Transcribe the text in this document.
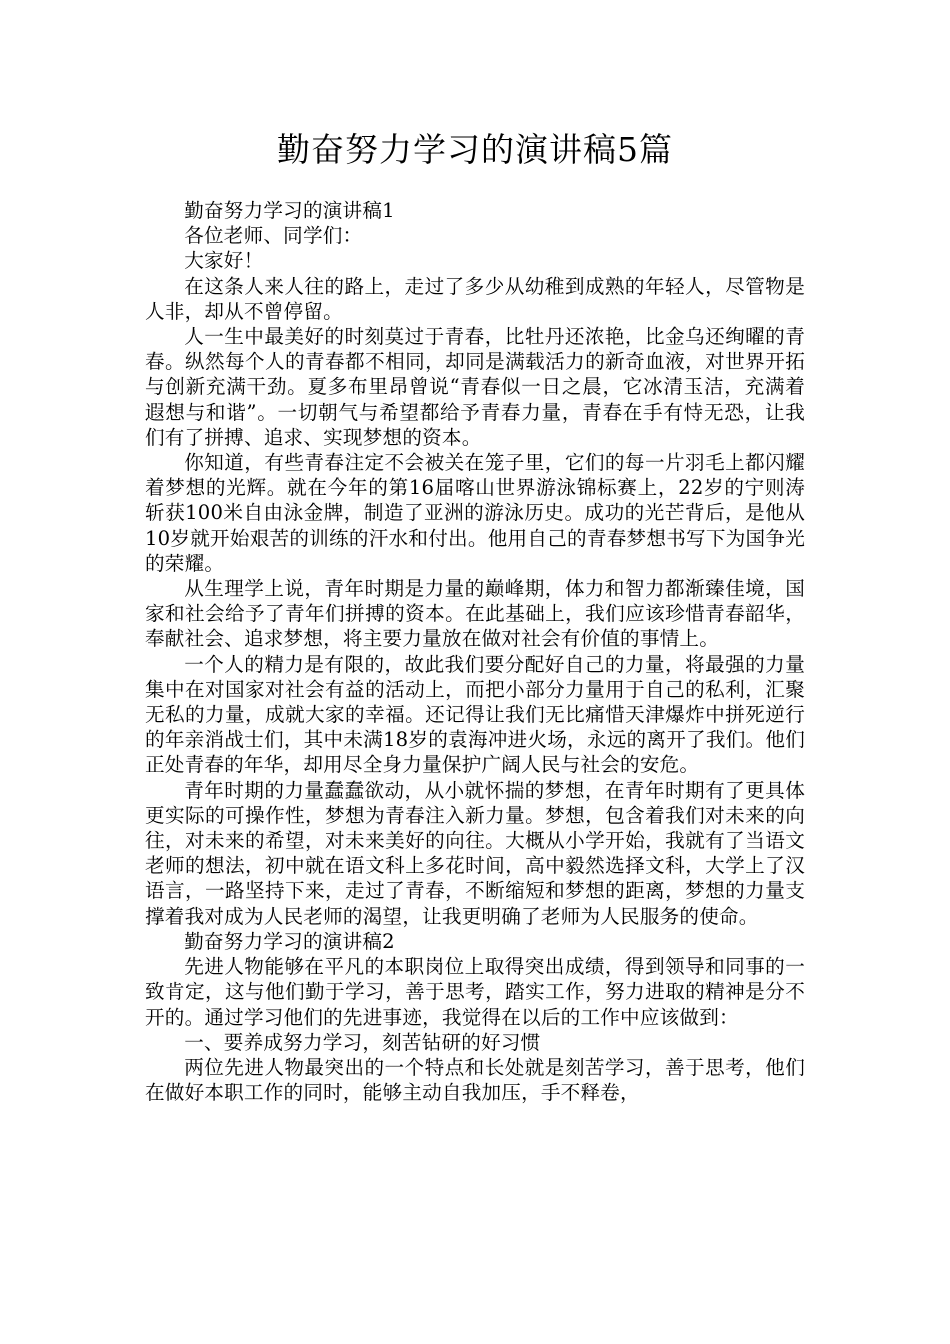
勤奋努力学习的演讲稿5篇

勤奋努力学习的演讲稿1

各位老师、同学们：

大家好！

在这条人来人往的路上，走过了多少从幼稚到成熟的年轻人，尽管物是人非，却从不曾停留。

人一生中最美好的时刻莫过于青春，比牡丹还浓艳，比金乌还绚曜的青春。纵然每个人的青春都不相同，却同是满载活力的新奇血液，对世界开拓与创新充满干劲。夏多布里昂曾说“青春似一日之晨，它冰清玉洁，充满着遐想与和谐”。一切朝气与希望都给予青春力量，青春在手有恃无恐，让我们有了拼搏、追求、实现梦想的资本。

你知道，有些青春注定不会被关在笼子里，它们的每一片羽毛上都闪耀着梦想的光辉。就在今年的第16届喀山世界游泳锦标赛上，22岁的宁则涛斩获100米自由泳金牌，制造了亚洲的游泳历史。成功的光芒背后，是他从10岁就开始艰苦的训练的汗水和付出。他用自己的青春梦想书写下为国争光的荣耀。

从生理学上说，青年时期是力量的巅峰期，体力和智力都渐臻佳境，国家和社会给予了青年们拼搏的资本。在此基础上，我们应该珍惜青春韶华，奉献社会、追求梦想，将主要力量放在做对社会有价值的事情上。

一个人的精力是有限的，故此我们要分配好自己的力量，将最强的力量集中在对国家对社会有益的活动上，而把小部分力量用于自己的私利，汇聚无私的力量，成就大家的幸福。还记得让我们无比痛惜天津爆炸中拼死逆行的年亲消战士们，其中未满18岁的袁海冲进火场，永远的离开了我们。他们正处青春的年华，却用尽全身力量保护广阔人民与社会的安危。

青年时期的力量蠢蠢欲动，从小就怀揣的梦想，在青年时期有了更具体更实际的可操作性，梦想为青春注入新力量。梦想，包含着我们对未来的向往，对未来的希望，对未来美好的向往。大概从小学开始，我就有了当语文老师的想法，初中就在语文科上多花时间，高中毅然选择文科，大学上了汉语言，一路坚持下来，走过了青春，不断缩短和梦想的距离，梦想的力量支撑着我对成为人民老师的渴望，让我更明确了老师为人民服务的使命。

勤奋努力学习的演讲稿2

先进人物能够在平凡的本职岗位上取得突出成绩，得到领导和同事的一致肯定，这与他们勤于学习，善于思考，踏实工作，努力进取的精神是分不开的。通过学习他们的先进事迹，我觉得在以后的工作中应该做到：

一、要养成努力学习，刻苦钻研的好习惯

两位先进人物最突出的一个特点和长处就是刻苦学习，善于思考，他们在做好本职工作的同时，能够主动自我加压，手不释卷，
